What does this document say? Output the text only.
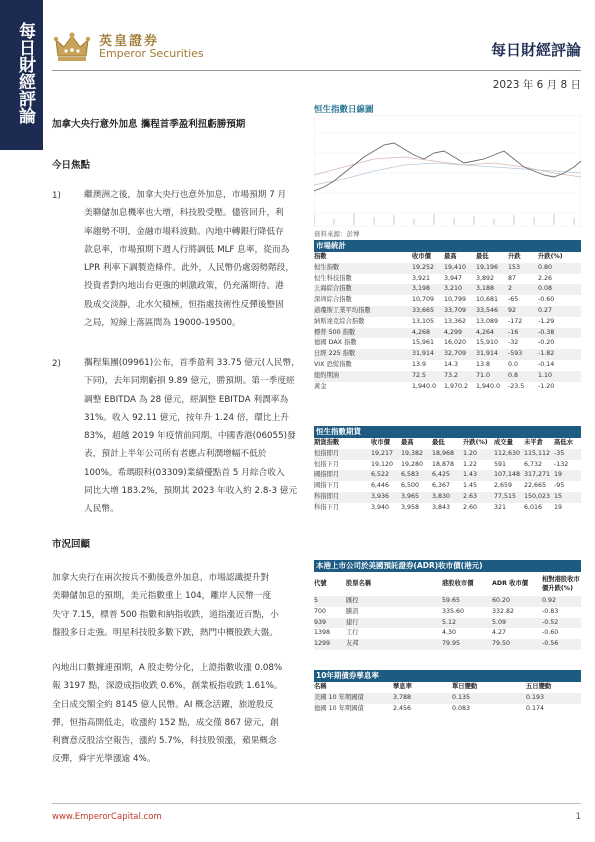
每日財經評論	英皇證券
Emperor Securities	每日財經評論
2023 年 6 月 8 日
加拿大央行意外加息 攜程首季盈利扭虧勝預期
今日焦點
1)	繼澳洲之後，加拿大央行也意外加息，市場預期 7 月
美聯儲加息機率也大增，科技股受壓。儘管回升，利
率趨勢不明，金融市場料波動。內地中轉銀行降低存
款息率，市場預期下週人行將調低 MLF 息率，從而為
LPR 利率下調製造條件。此外，人民幣仍處弱勢階段，
投資者對內地出台更強的刺激政策，仍充滿期待。港
股成交淡靜，北水欠積極，恒指處技術性反彈後整固
之局，短線上落區間為 19000-19500。
2)	攜程集團(09961)公布，首季盈利 33.75 億元(人民幣，
下同)，去年同期虧損 9.89 億元，勝預期。第一季度經
調整 EBITDA 為 28 億元，經調整 EBITDA 利潤率為
31%。收入 92.11 億元，按年升 1.24 倍，環比上升
83%，超越 2019 年疫情前同期。中國香港(06055)發
表，預計上半年公司所有者應占利潤增幅不低於
100%。希瑪眼科(03309)業績優點首 5 月綜合收入
同比大增 183.2%，預期其 2023 年收入約 2.8-3 億元
人民幣。
市況回顧
加拿大央行在兩次按兵不動後意外加息，市場認識提升對
美聯儲加息的預期，美元指數重上 104，離岸人民幣一度
失守 7.15，標普 500 指數和納指收跌，道指漲近百點，小
盤股多日走強。明星科技股多數下跌，熱門中概股跌大盤。
內地出口數據連預期，A 股走勢分化，上證指數收漲 0.08%
報 3197 點，深證成指收跌 0.6%，創業板指收跌 1.61%。
全日成交額全約 8145 億人民幣。AI 概念活躍，旅遊股反
彈，恒指高開低走，收漲約 152 點，成交僅 867 億元，創
利寶意反股沽空報告，漲約 5.7%，科技股領漲，蘋果概念
反彈，舜宇光學漲逾 4%。
恒生指數日線圖
資料來源：彭博
市場統計
指數	收市價	最高	最低	升跌	升跌(%)
恒生指數	19,252	19,410	19,196	153	0.80
恒生科技指數	3,921	3,947	3,892	87	2.26
上海綜合指數	3,198	3,210	3,188	2	0.08
深圳綜合指數	10,709	10,799	10,681	-65	-0.60
道瓊斯工業平均指數	33,665	33,709	33,546	92	0.27
納斯達克綜合指數	13,105	13,362	13,089	-172	-1.29
標普 500 指數	4,268	4,299	4,264	-16	-0.38
德國 DAX 指數	15,961	16,020	15,910	-32	-0.20
日經 225 指數	31,914	32,709	31,914	-593	-1.82
VIX 恐慌指數	13.9	14.3	13.8	0.0	-0.14
紐約期油	72.5	73.2	71.0	0.8	1.10
黃金	1,940.0	1,970.2	1,940.0	-23.5	-1.20
恒生指數期貨
期貨指數	收市價	最高	最低	升跌(%)	成交量	未平倉	高低水
恒指即月	19,217	19,382	18,968	1.20	112,630	115,112	-35
恒指下月	19,120	19,280	18,878	1.22	591	6,732	-132
國指即月	6,522	6,583	6,425	1.43	107,148	317,271	19
國指下月	6,446	6,500	6,367	1.45	2,659	22,665	-95
科指即月	3,936	3,965	3,830	2.63	77,515	150,023	15
科指下月	3,940	3,958	3,843	2.60	321	6,016	19
本港上市公司於美國預託證券(ADR)收市價(港元)
代號	股票名稱	港股收市價	ADR 收市價	相對港股收市價升跌(%)
5	匯控	59.65	60.20	0.92
700	騰訊	335.60	332.82	-0.83
939	建行	5.12	5.09	-0.52
1398	工行	4.30	4.27	-0.60
1299	友邦	79.95	79.50	-0.56
10年期債券孳息率
名稱	孳息率	單日變動	五日變動
美國 10 年期國債	3.788	0.135	0.193
德國 10 年期國債	2.456	0.083	0.174
www.EmperorCapital.com	1
